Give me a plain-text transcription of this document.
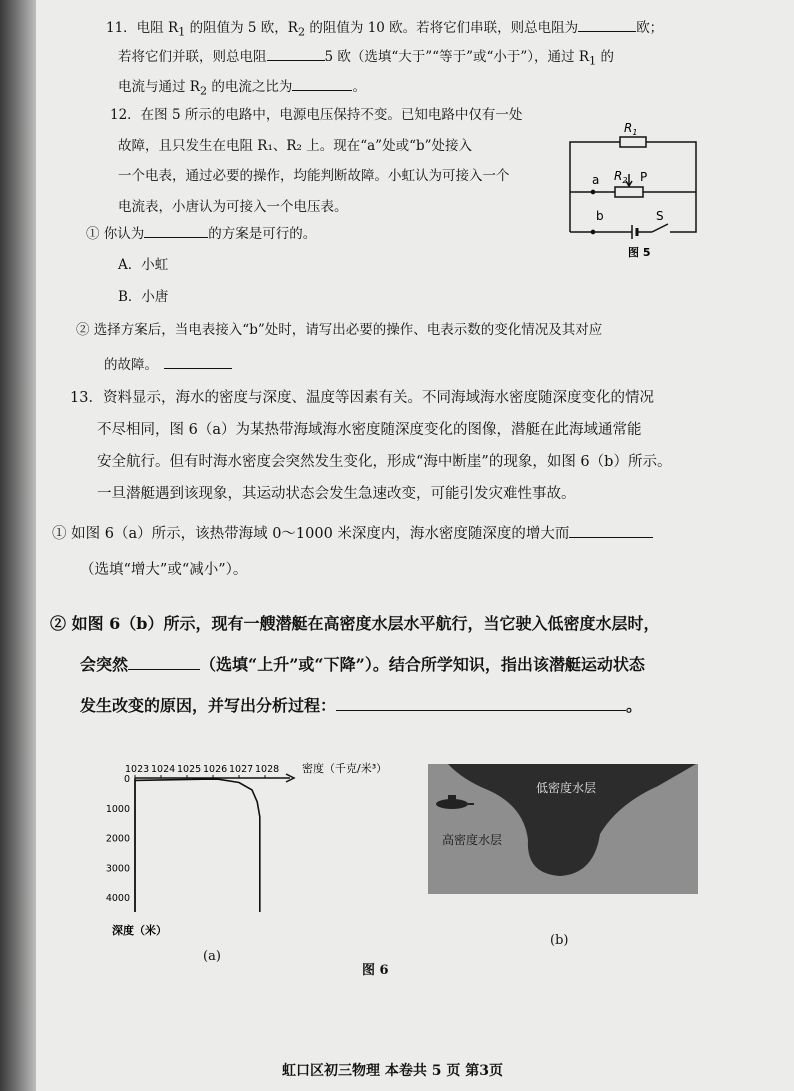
11．电阻 $R_1$ 的阻值为 5 欧，$R_2$ 的阻值为 10 欧。若将它们串联，则总电阻为	欧；
若将它们并联，则总电阻	5 欧（选填“大于”“等于”或“小于”），通过 $R_1$ 的
电流与通过 $R_2$ 的电流之比为	。
12．在图 5 所示的电路中，电源电压保持不变。已知电路中仅有一处
故障，且只发生在电阻 R₁、R₂ 上。现在“a”处或“b”处接入
一个电表，通过必要的操作，均能判断故障。小虹认为可接入一个
电流表，小唐认为可接入一个电压表。
$R_1$
$R_2$ P
a
b	S
图 5
① 你认为	的方案是可行的。
A．小虹
B．小唐
② 选择方案后，当电表接入“b”处时，请写出必要的操作、电表示数的变化情况及其对应
的故障。
13．资料显示，海水的密度与深度、温度等因素有关。不同海域海水密度随深度变化的情况
不尽相同，图 6（a）为某热带海域海水密度随深度变化的图像，潜艇在此海域通常能
安全航行。但有时海水密度会突然发生变化，形成“海中断崖”的现象，如图 6（b）所示。
一旦潜艇遇到该现象，其运动状态会发生急速改变，可能引发灾难性事故。
① 如图 6（a）所示，该热带海域 0～1000 米深度内，海水密度随深度的增大而
（选填“增大”或“减小”）。
② 如图 6（b）所示，现有一艘潜艇在高密度水层水平航行，当它驶入低密度水层时，
会突然	（选填“上升”或“下降”）。结合所学知识，指出该潜艇运动状态
发生改变的原因，并写出分析过程：	。
1023 1024 1025 1026 1027 1028
0
1000
2000
3000
4000
密度（千克/米³）
深度（米）
(a)
低密度水层
高密度水层
(b)
图 6
虹口区初三物理 本卷共 5 页 第3页
